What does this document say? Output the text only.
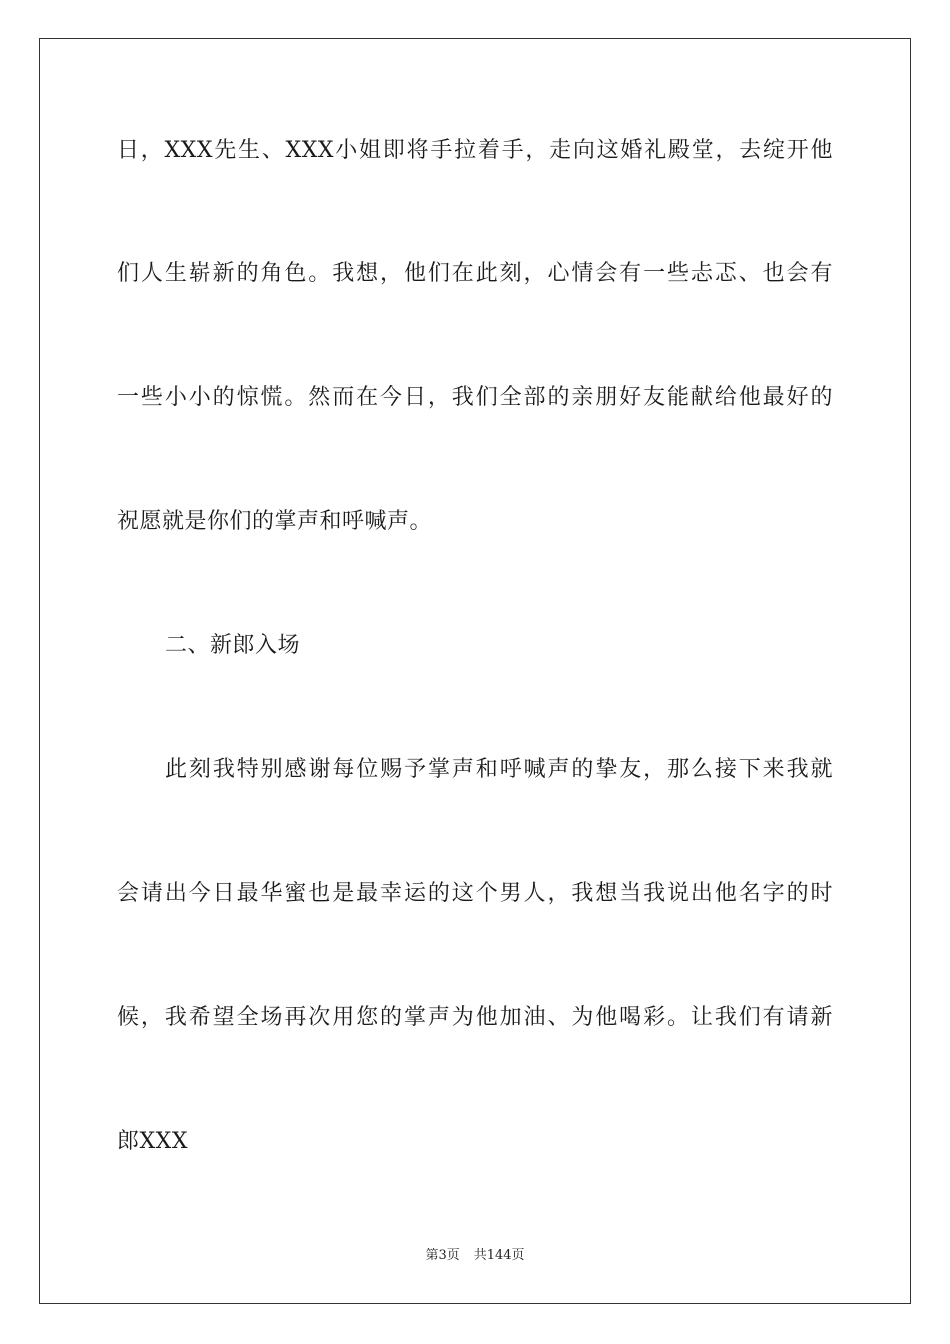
日，XXX先生、XXX小姐即将手拉着手，走向这婚礼殿堂，去绽开他
们人生崭新的角色。我想，他们在此刻，心情会有一些忐忑、也会有
一些小小的惊慌。然而在今日，我们全部的亲朋好友能献给他最好的
祝愿就是你们的掌声和呼喊声。
二、新郎入场
此刻我特别感谢每位赐予掌声和呼喊声的挚友，那么接下来我就
会请出今日最华蜜也是最幸运的这个男人，我想当我说出他名字的时
候，我希望全场再次用您的掌声为他加油、为他喝彩。让我们有请新
郎XXX
第3页 共144页
